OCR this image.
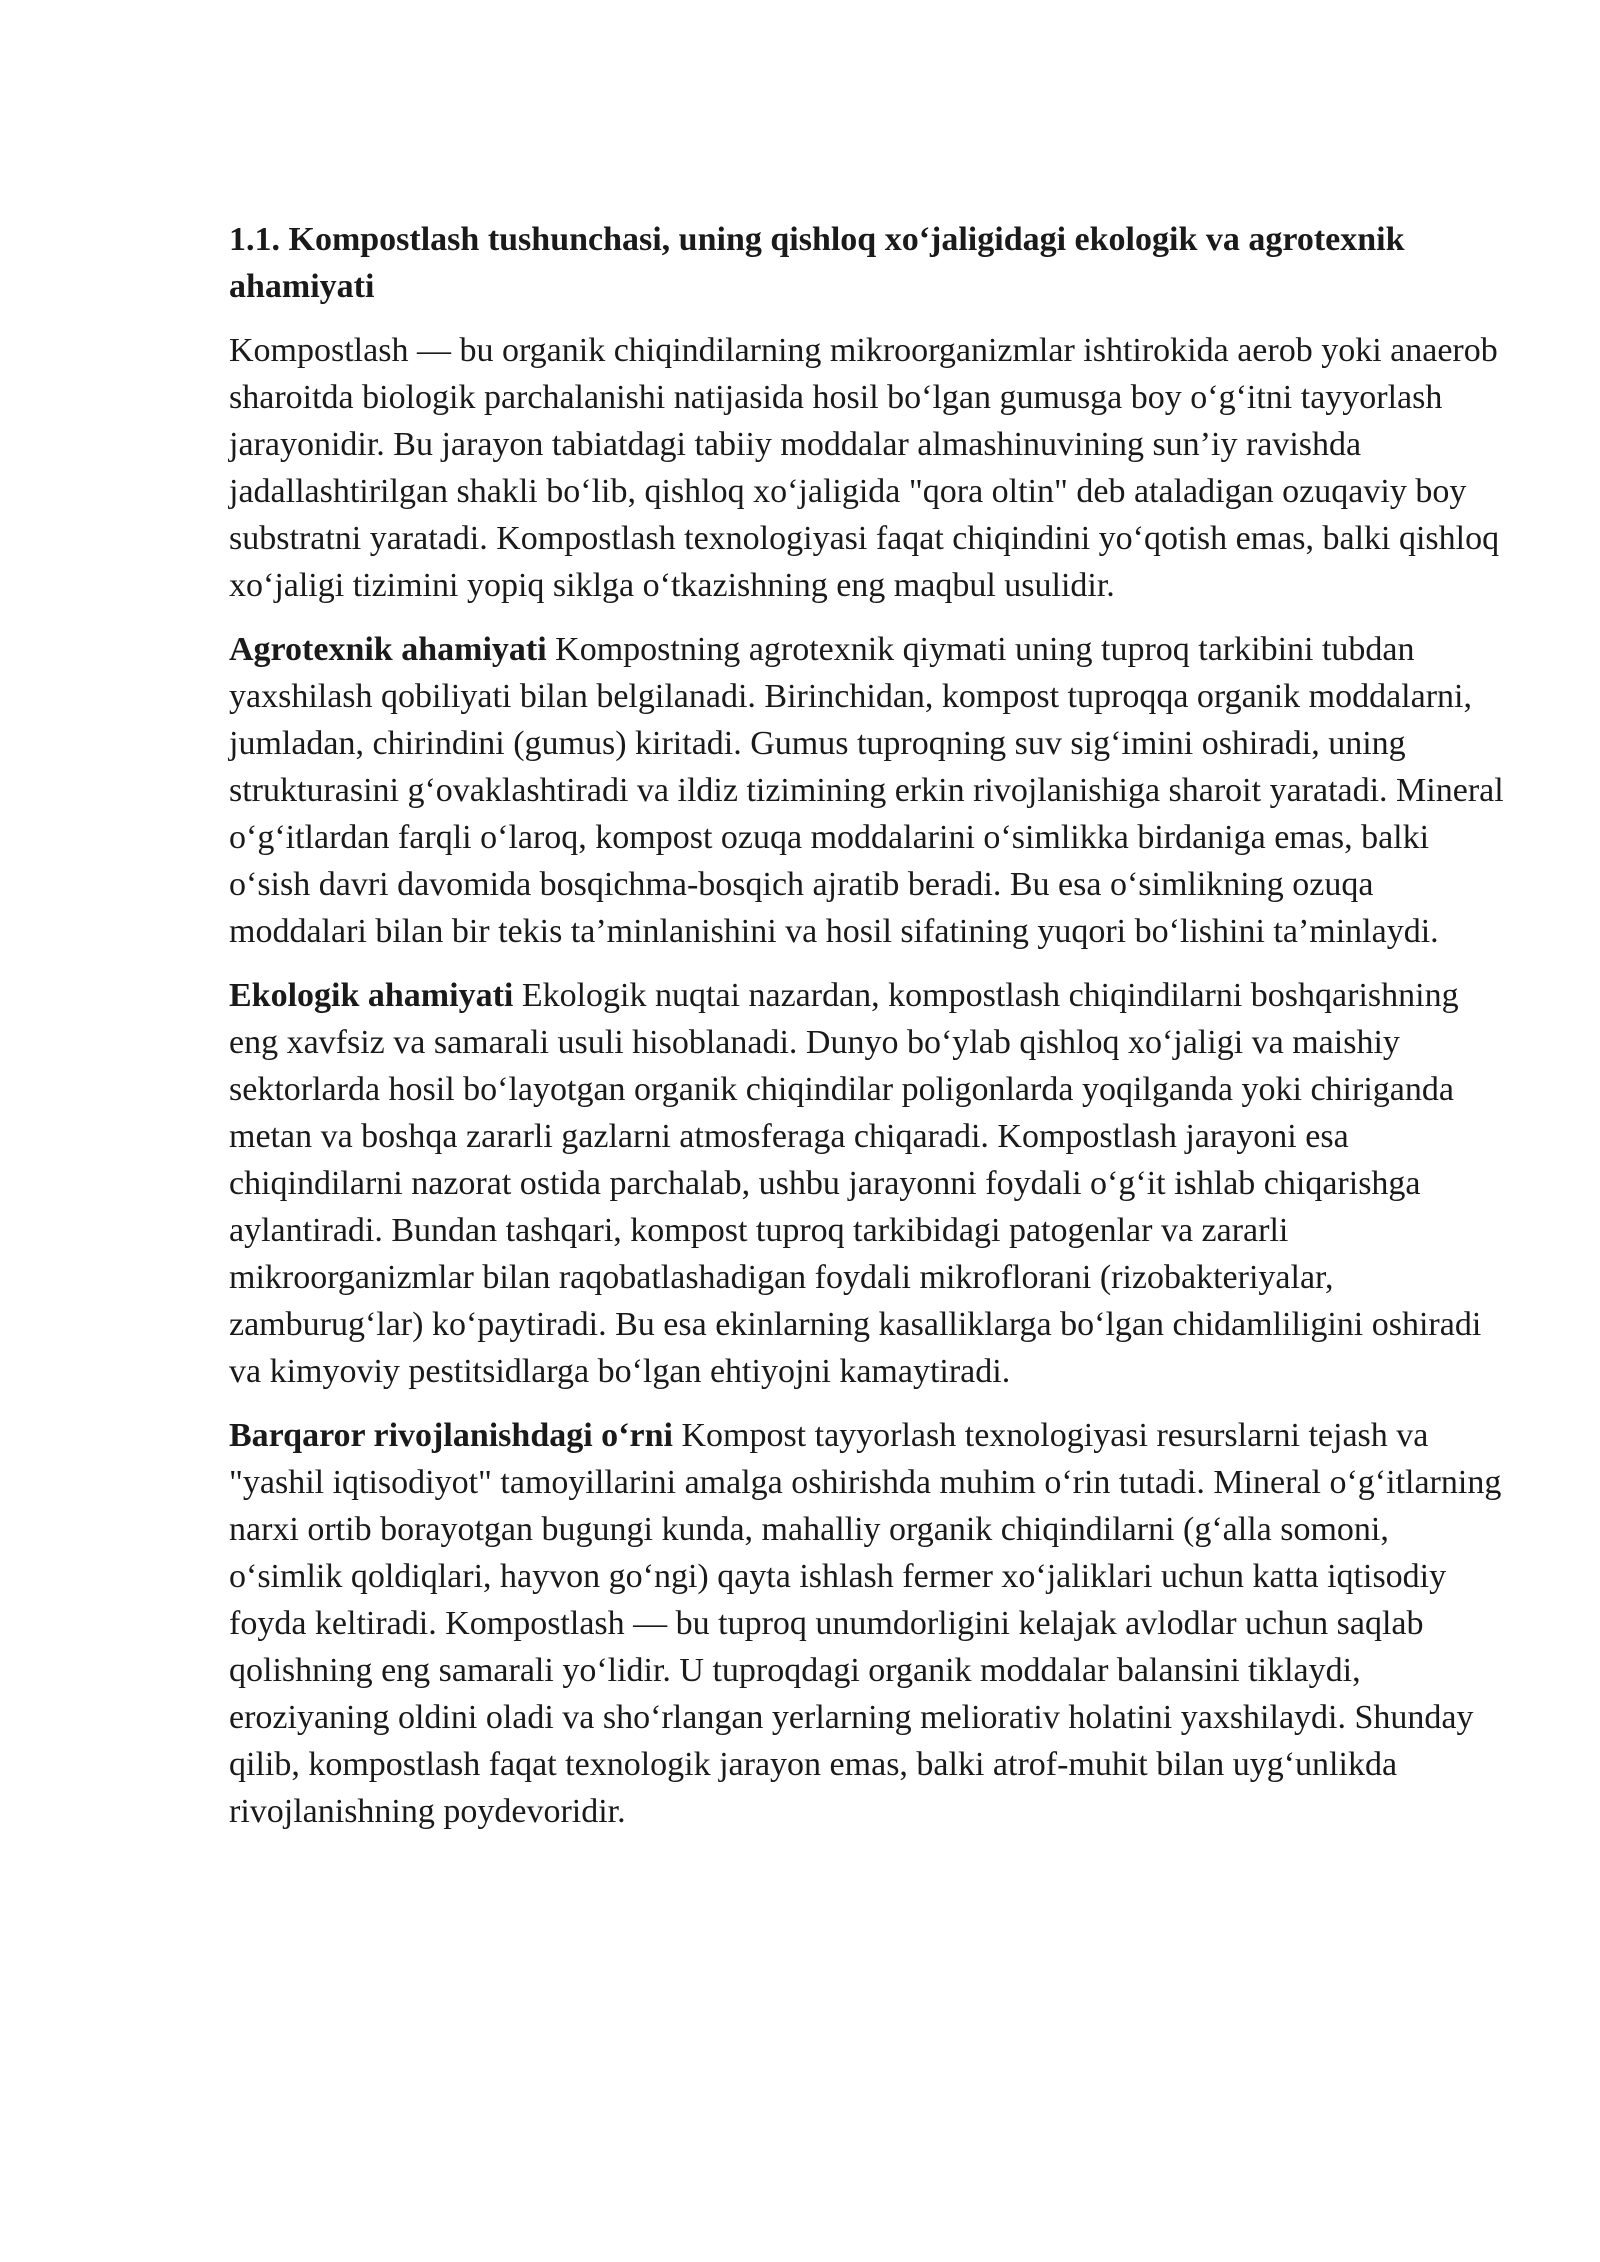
1.1. Kompostlash tushunchasi, uning qishloq xo‘jaligidagi ekologik va agrotexnik ahamiyati

Kompostlash — bu organik chiqindilarning mikroorganizmlar ishtirokida aerob yoki anaerob sharoitda biologik parchalanishi natijasida hosil bo‘lgan gumusga boy o‘g‘itni tayyorlash jarayonidir. Bu jarayon tabiatdagi tabiiy moddalar almashinuvining sun’iy ravishda jadallashtirilgan shakli bo‘lib, qishloq xo‘jaligida "qora oltin" deb ataladigan ozuqaviy boy substratni yaratadi. Kompostlash texnologiyasi faqat chiqindini yo‘qotish emas, balki qishloq xo‘jaligi tizimini yopiq siklga o‘tkazishning eng maqbul usulidir.

Agrotexnik ahamiyati Kompostning agrotexnik qiymati uning tuproq tarkibini tubdan yaxshilash qobiliyati bilan belgilanadi. Birinchidan, kompost tuproqqa organik moddalarni, jumladan, chirindini (gumus) kiritadi. Gumus tuproqning suv sig‘imini oshiradi, uning strukturasini g‘ovaklashtiradi va ildiz tizimining erkin rivojlanishiga sharoit yaratadi. Mineral o‘g‘itlardan farqli o‘laroq, kompost ozuqa moddalarini o‘simlikka birdaniga emas, balki o‘sish davri davomida bosqichma-bosqich ajratib beradi. Bu esa o‘simlikning ozuqa moddalari bilan bir tekis ta’minlanishini va hosil sifatining yuqori bo‘lishini ta’minlaydi.

Ekologik ahamiyati Ekologik nuqtai nazardan, kompostlash chiqindilarni boshqarishning eng xavfsiz va samarali usuli hisoblanadi. Dunyo bo‘ylab qishloq xo‘jaligi va maishiy sektorlarda hosil bo‘layotgan organik chiqindilar poligonlarda yoqilganda yoki chiriganda metan va boshqa zararli gazlarni atmosferaga chiqaradi. Kompostlash jarayoni esa chiqindilarni nazorat ostida parchalab, ushbu jarayonni foydali o‘g‘it ishlab chiqarishga aylantiradi. Bundan tashqari, kompost tuproq tarkibidagi patogenlar va zararli mikroorganizmlar bilan raqobatlashadigan foydali mikroflorani (rizobakteriyalar, zamburug‘lar) ko‘paytiradi. Bu esa ekinlarning kasalliklarga bo‘lgan chidamliligini oshiradi va kimyoviy pestitsidlarga bo‘lgan ehtiyojni kamaytiradi.

Barqaror rivojlanishdagi o‘rni Kompost tayyorlash texnologiyasi resurslarni tejash va "yashil iqtisodiyot" tamoyillarini amalga oshirishda muhim o‘rin tutadi. Mineral o‘g‘itlarning narxi ortib borayotgan bugungi kunda, mahalliy organik chiqindilarni (g‘alla somoni, o‘simlik qoldiqlari, hayvon go‘ngi) qayta ishlash fermer xo‘jaliklari uchun katta iqtisodiy foyda keltiradi. Kompostlash — bu tuproq unumdorligini kelajak avlodlar uchun saqlab qolishning eng samarali yo‘lidir. U tuproqdagi organik moddalar balansini tiklaydi, eroziyaning oldini oladi va sho‘rlangan yerlarning meliorativ holatini yaxshilaydi. Shunday qilib, kompostlash faqat texnologik jarayon emas, balki atrof-muhit bilan uyg‘unlikda rivojlanishning poydevoridir.
